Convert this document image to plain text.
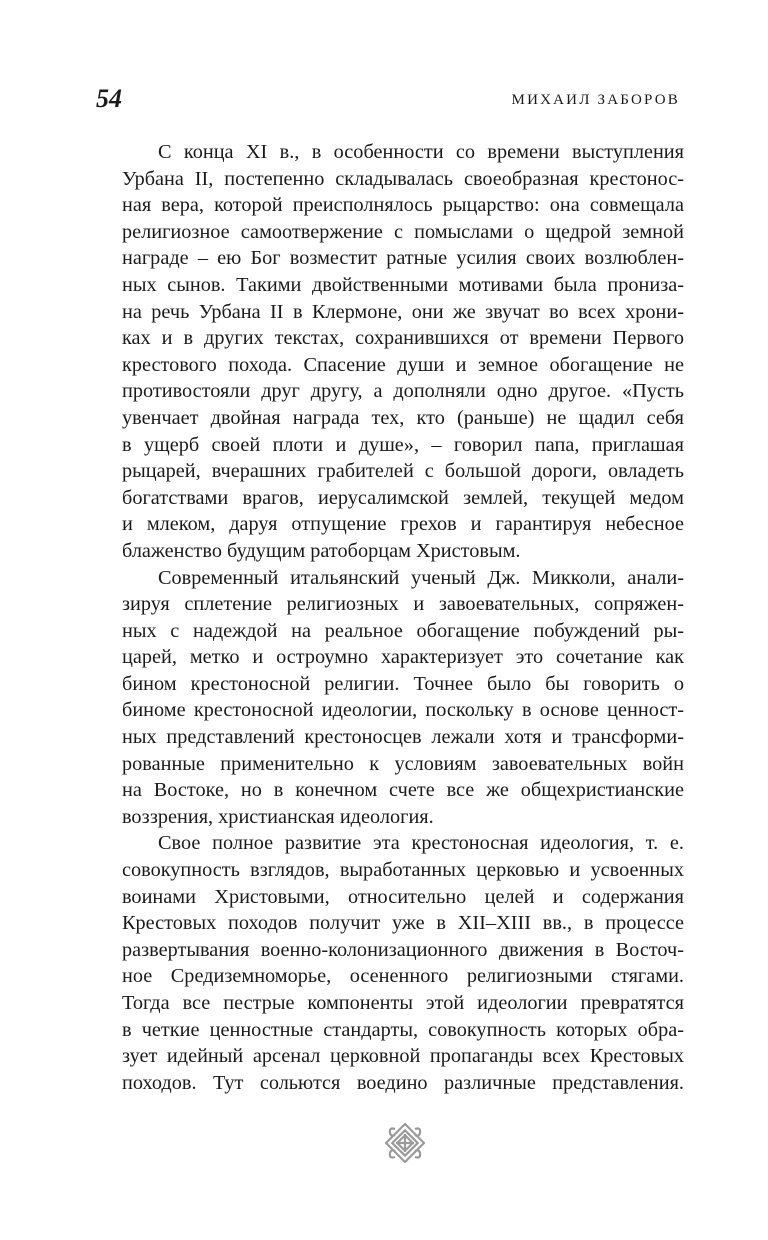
54	МИХАИЛ ЗАБОРОВ
С конца XI в., в особенности со времени выступления
Урбана II, постепенно складывалась своеобразная крестонос-
ная вера, которой преисполнялось рыцарство: она совмещала
религиозное самоотвержение с помыслами о щедрой земной
награде – ею Бог возместит ратные усилия своих возлюблен-
ных сынов. Такими двойственными мотивами была пронизa-
на речь Урбана II в Клермоне, они же звучат во всех хрони-
ках и в других текстах, сохранившихся от времени Первого
крестового похода. Спасение души и земное обогащение не
противостояли друг другу, а дополняли одно другое. «Пусть
увенчает двойная награда тех, кто (раньше) не щадил себя
в ущерб своей плоти и душе», – говорил папа, приглашая
рыцарей, вчерашних грабителей с большой дороги, овладеть
богатствами врагов, иерусалимской землей, текущей медом
и млеком, даруя отпущение грехов и гарантируя небесное
блаженство будущим ратоборцам Христовым.
Современный итальянский ученый Дж. Микколи, анали-
зируя сплетение религиозных и завоевательных, сопряжен-
ных с надеждой на реальное обогащение побуждений ры-
царей, метко и остроумно характеризует это сочетание как
бином крестоносной религии. Точнее было бы говорить о
биноме крестоносной идеологии, поскольку в основе ценност-
ных представлений крестоносцев лежали хотя и трансформи-
рованные применительно к условиям завоевательных войн
на Востоке, но в конечном счете все же общехристианские
воззрения, христианская идеология.
Свое полное развитие эта крестоносная идеология, т. е.
совокупность взглядов, выработанных церковью и усвоенных
воинами Христовыми, относительно целей и содержания
Крестовых походов получит уже в XII–XIII вв., в процессе
развертывания военно-колонизационного движения в Восточ-
ное Средиземноморье, осененного религиозными стягами.
Тогда все пестрые компоненты этой идеологии превратятся
в четкие ценностные стандарты, совокупность которых обра-
зует идейный арсенал церковной пропаганды всех Крестовых
походов. Тут сольются воедино различные представления.
